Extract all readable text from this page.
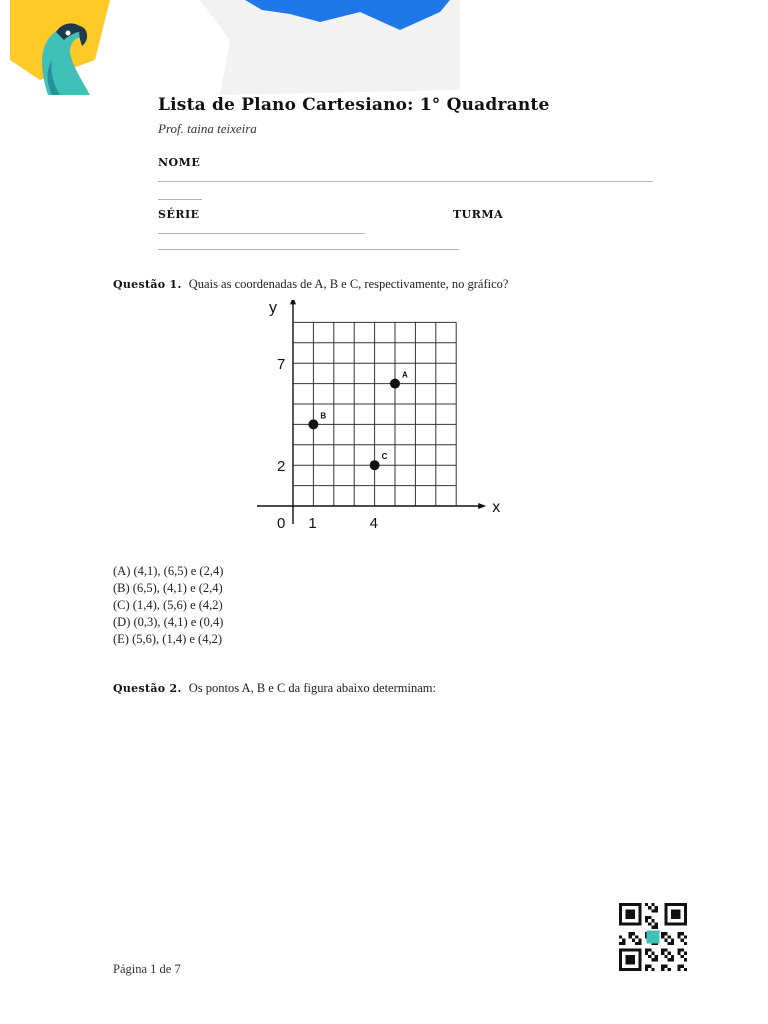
Lista de Plano Cartesiano: 1° Quadrante
Prof. taina teixeira
NOME
SÉRIE	TURMA
Questão 1. Quais as coordenadas de A, B e C, respectivamente, no gráfico?
x
y
1	4
2
7
0
A
B
C
(A) (4,1), (6,5) e (2,4)
(B) (6,5), (4,1) e (2,4)
(C) (1,4), (5,6) e (4,2)
(D) (0,3), (4,1) e (0,4)
(E) (5,6), (1,4) e (4,2)
Questão 2. Os pontos A, B e C da figura abaixo determinam:
Página 1 de 7
